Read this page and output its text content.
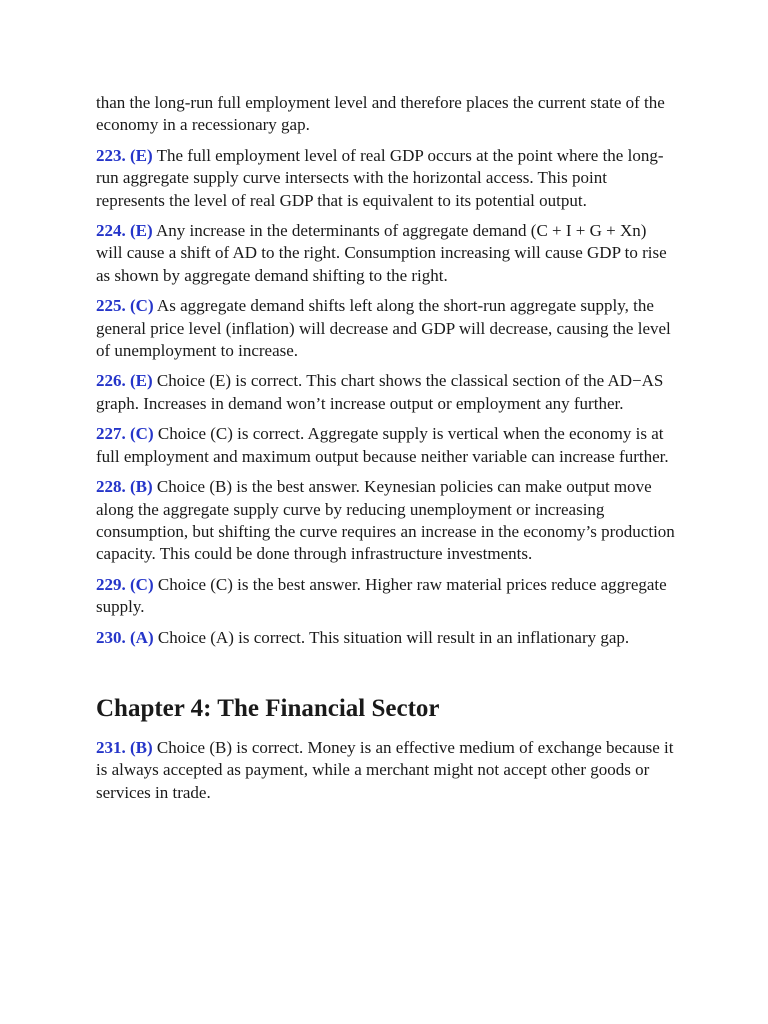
than the long-run full employment level and therefore places the current state of the economy in a recessionary gap.

223. (E) The full employment level of real GDP occurs at the point where the long-run aggregate supply curve intersects with the horizontal access. This point represents the level of real GDP that is equivalent to its potential output.

224. (E) Any increase in the determinants of aggregate demand (C + I + G + Xn) will cause a shift of AD to the right. Consumption increasing will cause GDP to rise as shown by aggregate demand shifting to the right.

225. (C) As aggregate demand shifts left along the short-run aggregate supply, the general price level (inflation) will decrease and GDP will decrease, causing the level of unemployment to increase.

226. (E) Choice (E) is correct. This chart shows the classical section of the AD−AS graph. Increases in demand won’t increase output or employment any further.

227. (C) Choice (C) is correct. Aggregate supply is vertical when the economy is at full employment and maximum output because neither variable can increase further.

228. (B) Choice (B) is the best answer. Keynesian policies can make output move along the aggregate supply curve by reducing unemployment or increasing consumption, but shifting the curve requires an increase in the economy’s production capacity. This could be done through infrastructure investments.

229. (C) Choice (C) is the best answer. Higher raw material prices reduce aggregate supply.

230. (A) Choice (A) is correct. This situation will result in an inflationary gap.

Chapter 4: The Financial Sector

231. (B) Choice (B) is correct. Money is an effective medium of exchange because it is always accepted as payment, while a merchant might not accept other goods or services in trade.
